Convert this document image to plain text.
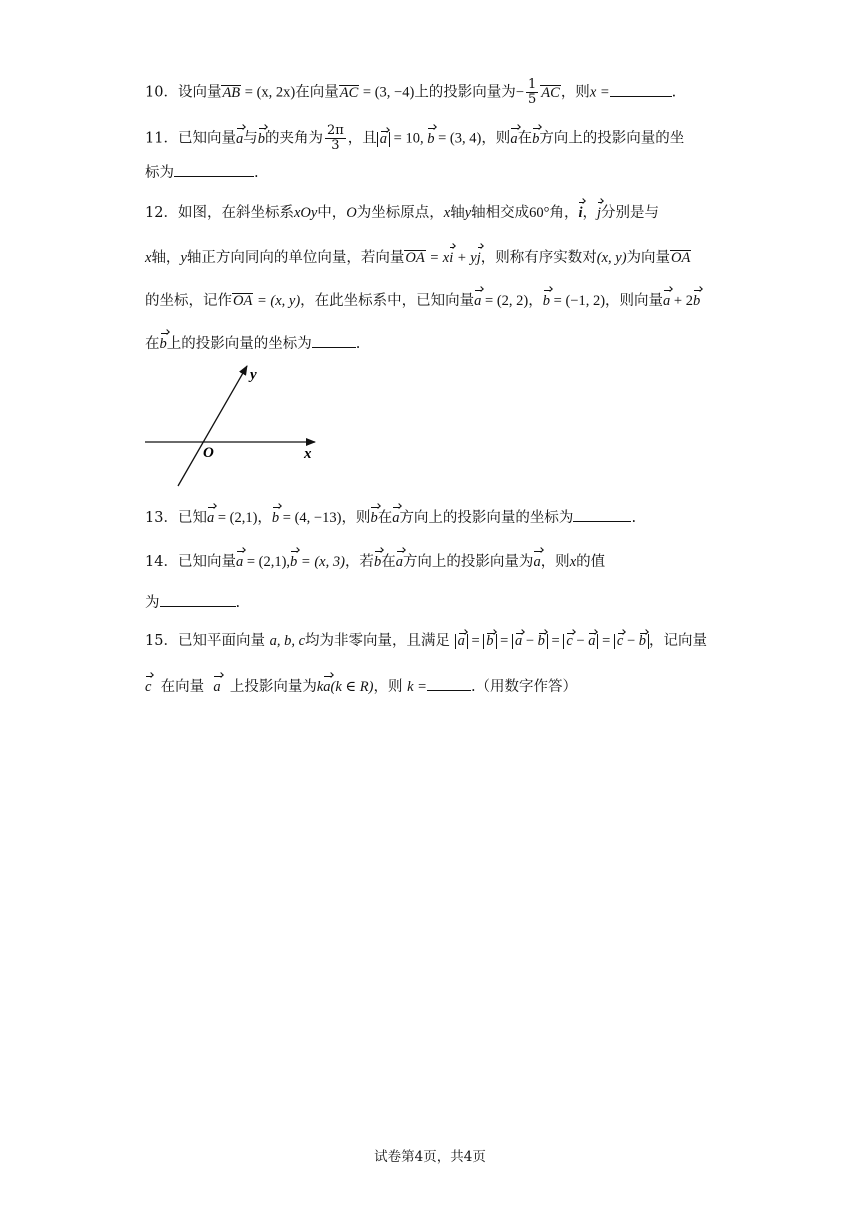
10．设向量AB = (x, 2x)在向量AC = (3, −4)上的投影向量为− $\frac{1}{5}$ AC，则x =	.
11．已知向量a与b的夹角为 $\frac{2\pi}{3}$ ，且 a = 10, b = (3, 4)，则a在b方向上的投影向量的坐
标为	.
12．如图，在斜坐标系xOy中，O为坐标原点，x轴y轴相交成60°角，i，j分别是与
x轴，y轴正方向同向的单位向量，若向量OA = xi + yj，则称有序实数对(x, y)为向量OA
的坐标，记作OA = (x, y)，在此坐标系中，已知向量a = (2, 2)，b = (−1, 2)，则向量a + 2b
在b上的投影向量的坐标为	.
y
O	x
13．已知a = (2,1)，b = (4, −13)，则b在a方向上的投影向量的坐标为	.
14．已知向量a = (2,1),b = (x, 3)，若b在a方向上的投影向量为a，则x的值
为	.
15．已知平面向量 a, b, c均为非零向量，且满足 a = b = a − b = c − a = c − b ，记向量
c 在向量 a 上投影向量为ka(k ∈ R)，则 k =	.（用数字作答）
试卷第4页，共4页
